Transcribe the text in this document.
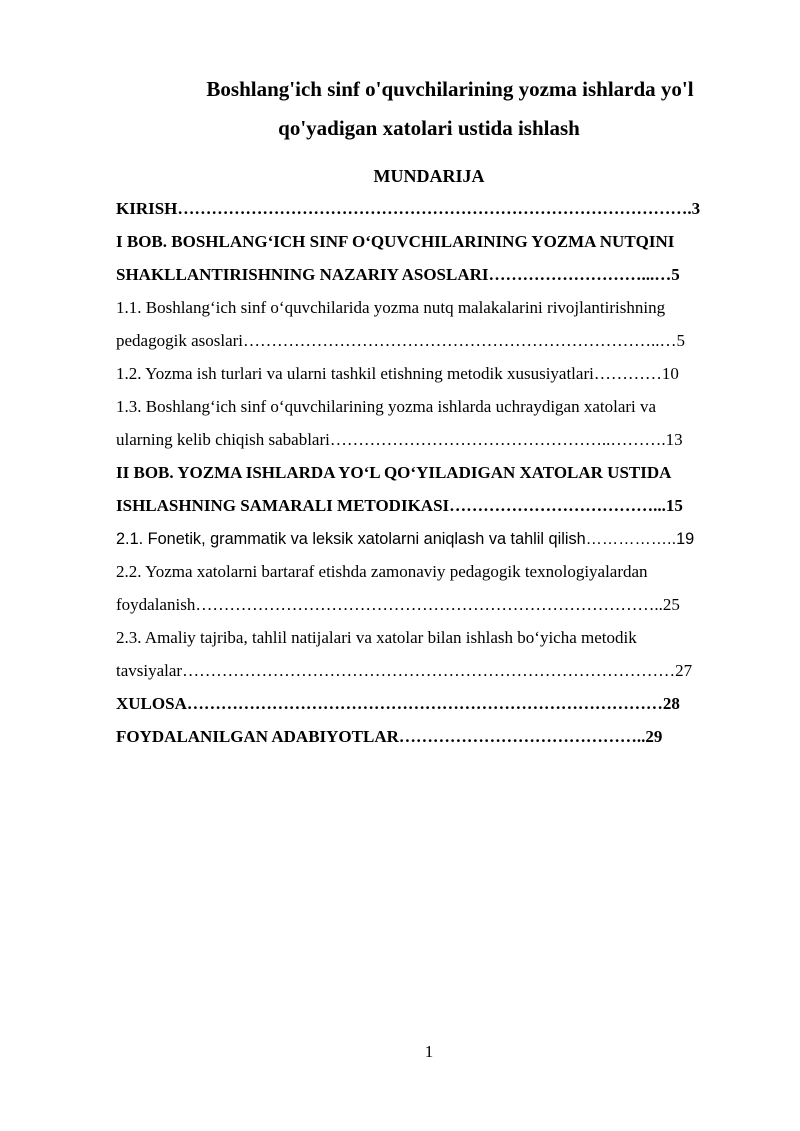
Boshlang'ich sinf o'quvchilarining yozma ishlarda yo'l
qo'yadigan xatolari ustida ishlash
MUNDARIJA
KIRISH……………………………………………………………………………….3
I BOB. BOSHLANG‘ICH SINF O‘QUVCHILARINING YOZMA NUTQINI
SHAKLLANTIRISHNING NAZARIY ASOSLARI………………………...…5
1.1. Boshlang‘ich sinf o‘quvchilarida yozma nutq malakalarini rivojlantirishning
pedagogik asoslari………………………………………………………………..…5
1.2. Yozma ish turlari va ularni tashkil etishning metodik xususiyatlari…………10
1.3. Boshlang‘ich sinf o‘quvchilarining yozma ishlarda uchraydigan xatolari va
ularning kelib chiqish sabablari…………………………………………..……….13
II BOB. YOZMA ISHLARDA YO‘L QO‘YILADIGAN XATOLAR USTIDA
ISHLASHNING SAMARALI METODIKASI………………………………...15
2.1. Fonetik, grammatik va leksik xatolarni aniqlash va tahlil qilish……………..19
2.2. Yozma xatolarni bartaraf etishda zamonaviy pedagogik texnologiyalardan
foydalanish………………………………………………………………………..25
2.3. Amaliy tajriba, tahlil natijalari va xatolar bilan ishlash bo‘yicha metodik
tavsiyalar……………………………………………………………………………27
XULOSA…………………………………………………………………………28
FOYDALANILGAN ADABIYOTLAR……………………………………..29
1
